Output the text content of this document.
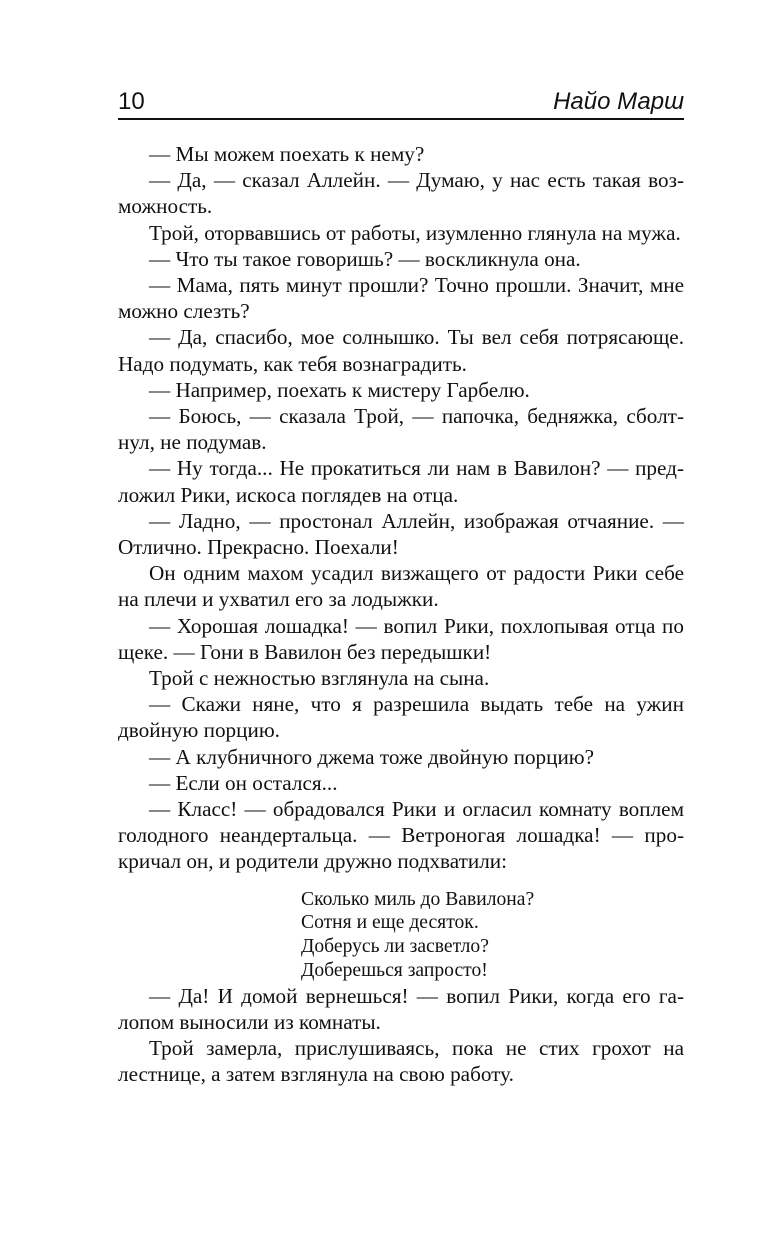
10	Найо Марш

— Мы можем поехать к нему?

— Да, — сказал Аллейн. — Думаю, у нас есть такая возможность.

Трой, оторвавшись от работы, изумленно глянула на мужа.

— Что ты такое говоришь? — воскликнула она.

— Мама, пять минут прошли? Точно прошли. Значит, мне можно слезть?

— Да, спасибо, мое солнышко. Ты вел себя потрясающе. Надо подумать, как тебя вознаградить.

— Например, поехать к мистеру Гарбелю.

— Боюсь, — сказала Трой, — папочка, бедняжка, сболтнул, не подумав.

— Ну тогда... Не прокатиться ли нам в Вавилон? — предложил Рики, искоса поглядев на отца.

— Ладно, — простонал Аллейн, изображая отчаяние. — Отлично. Прекрасно. Поехали!

Он одним махом усадил визжащего от радости Рики себе на плечи и ухватил его за лодыжки.

— Хорошая лошадка! — вопил Рики, похлопывая отца по щеке. — Гони в Вавилон без передышки!

Трой с нежностью взглянула на сына.

— Скажи няне, что я разрешила выдать тебе на ужин двойную порцию.

— А клубничного джема тоже двойную порцию?

— Если он остался...

— Класс! — обрадовался Рики и огласил комнату воплем голодного неандертальца. — Ветроногая лошадка! — прокричал он, и родители дружно подхватили:

Сколько миль до Вавилона?
Сотня и еще десяток.
Доберусь ли засветло?
Доберешься запросто!

— Да! И домой вернешься! — вопил Рики, когда его галопом выносили из комнаты.

Трой замерла, прислушиваясь, пока не стих грохот на лестнице, а затем взглянула на свою работу.
